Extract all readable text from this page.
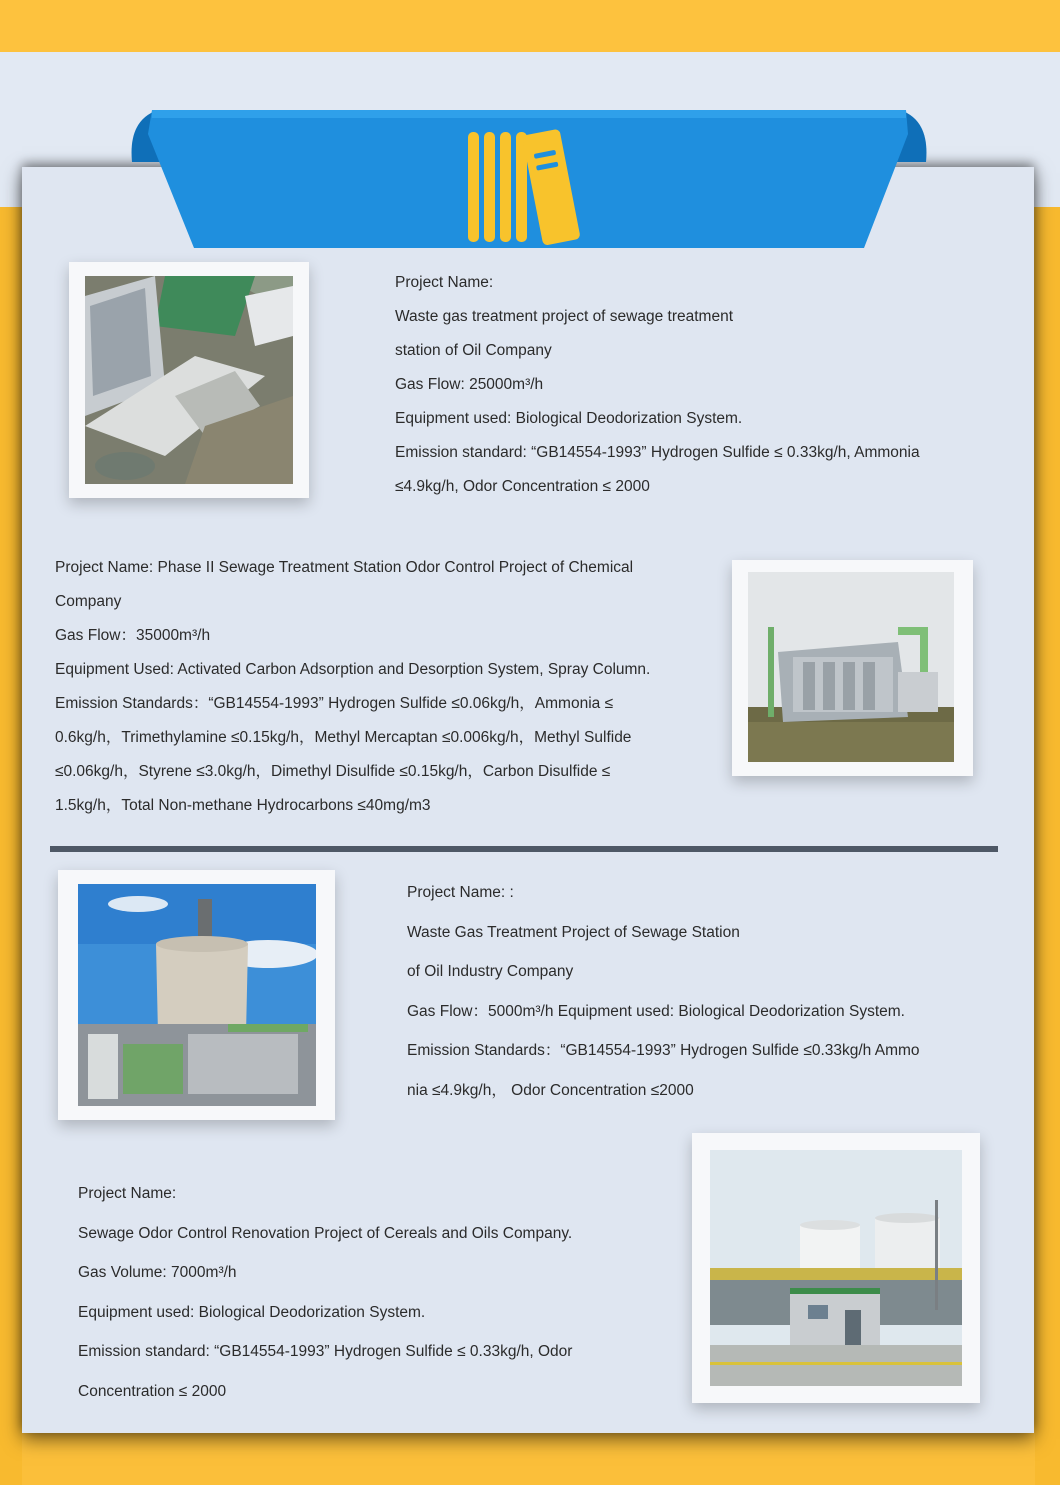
Project Name:

Waste gas treatment project of sewage treatment

station of Oil Company

Gas Flow: 25000m³/h

Equipment used: Biological Deodorization System.

Emission standard: “GB14554-1993” Hydrogen Sulfide ≤ 0.33kg/h, Ammonia

≤4.9kg/h, Odor Concentration ≤ 2000

Project Name: Phase II Sewage Treatment Station Odor Control Project of Chemical

Company

Gas Flow：35000m³/h

Equipment Used: Activated Carbon Adsorption and Desorption System, Spray Column.

Emission Standards：“GB14554-1993” Hydrogen Sulfide ≤0.06kg/h，Ammonia ≤

0.6kg/h，Trimethylamine ≤0.15kg/h，Methyl Mercaptan ≤0.006kg/h，Methyl Sulfide

≤0.06kg/h，Styrene ≤3.0kg/h，Dimethyl Disulfide ≤0.15kg/h，Carbon Disulfide ≤

1.5kg/h，Total Non-methane Hydrocarbons ≤40mg/m3

Project Name: :

Waste Gas Treatment Project of Sewage Station

of Oil Industry Company

Gas Flow：5000m³/h Equipment used: Biological Deodorization System.

Emission Standards：“GB14554-1993” Hydrogen Sulfide ≤0.33kg/h Ammo

nia ≤4.9kg/h， Odor Concentration ≤2000

Project Name:

Sewage Odor Control Renovation Project of Cereals and Oils Company.

Gas Volume: 7000m³/h

Equipment used: Biological Deodorization System.

Emission standard: “GB14554-1993” Hydrogen Sulfide ≤ 0.33kg/h, Odor

Concentration ≤ 2000
